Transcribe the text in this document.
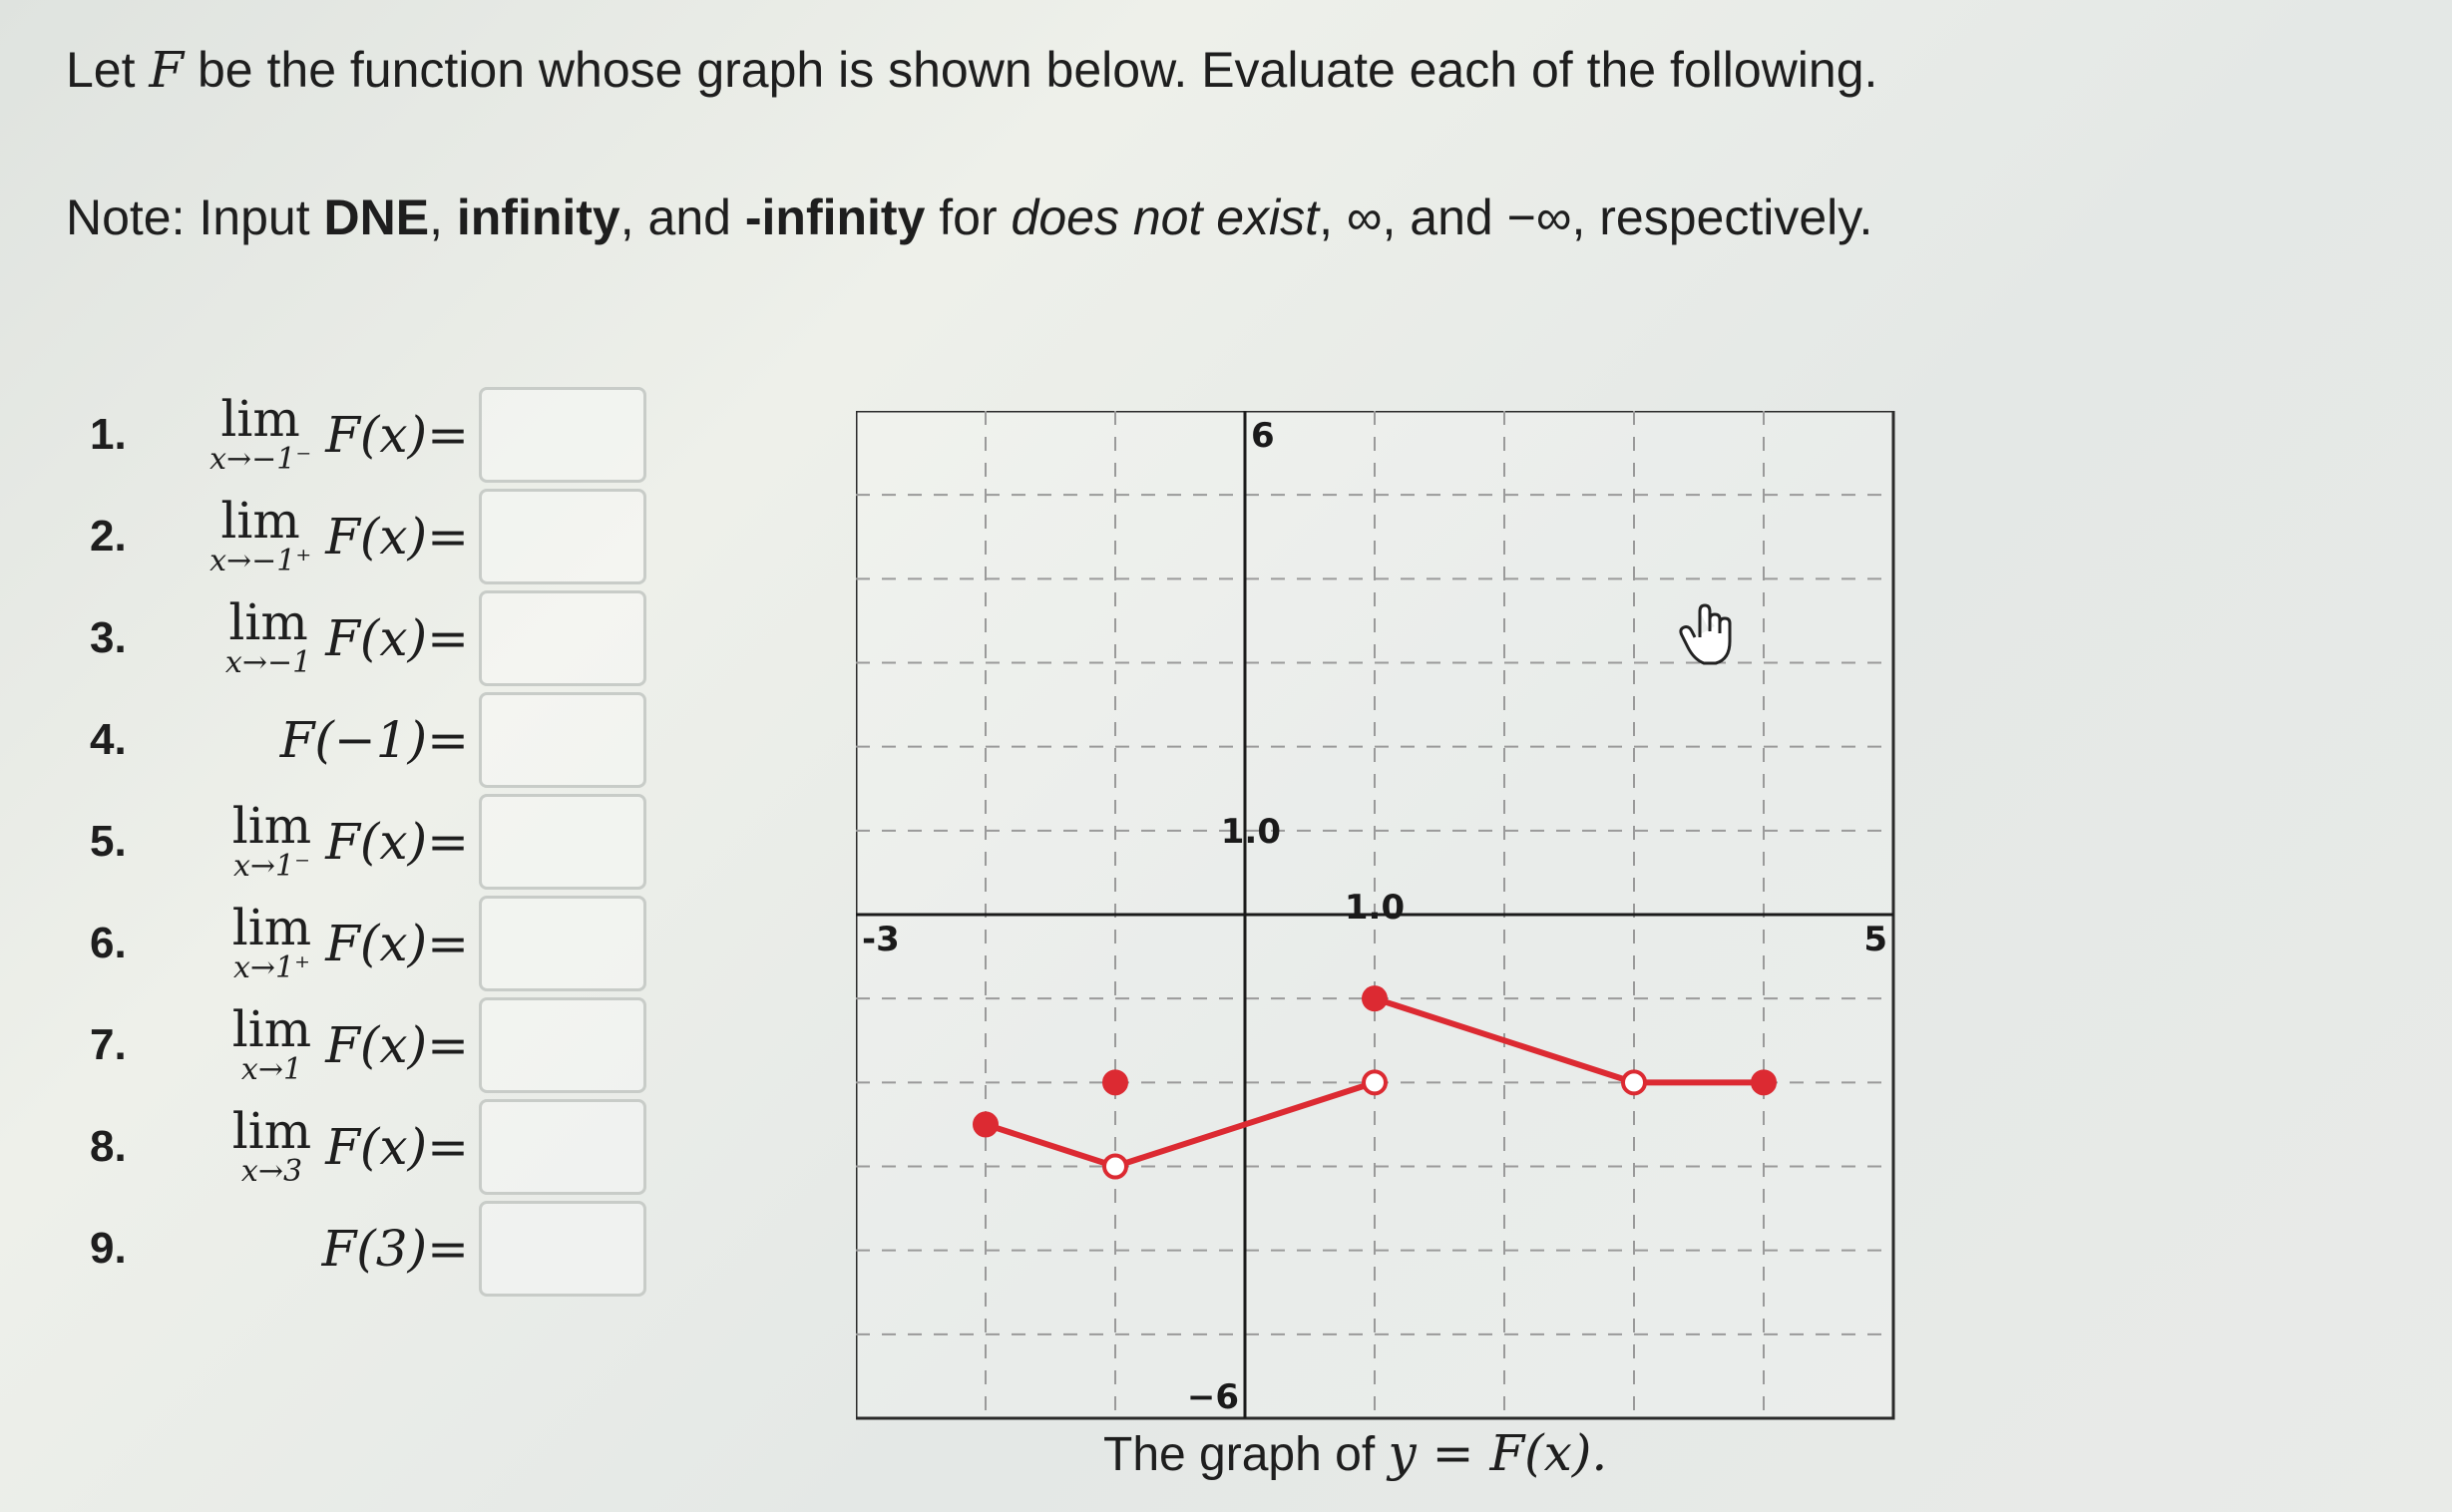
Let F be the function whose graph is shown below. Evaluate each of the following.
Note: Input DNE, infinity, and -infinity for does not exist, ∞, and −∞, respectively.
1.	lim
x→−1⁻ F(x)=
2.	lim
x→−1⁺ F(x)=
3.	lim
x→−1 F(x)=
4.	F(−1)=
5.	lim
x→1⁻ F(x)=
6.	lim
x→1⁺ F(x)=
7.	lim
x→1 F(x)=
8.	lim
x→3 F(x)=
9.	F(3)=
6
−6
-3	5
1.0
1.0
The graph of y = F(x).
